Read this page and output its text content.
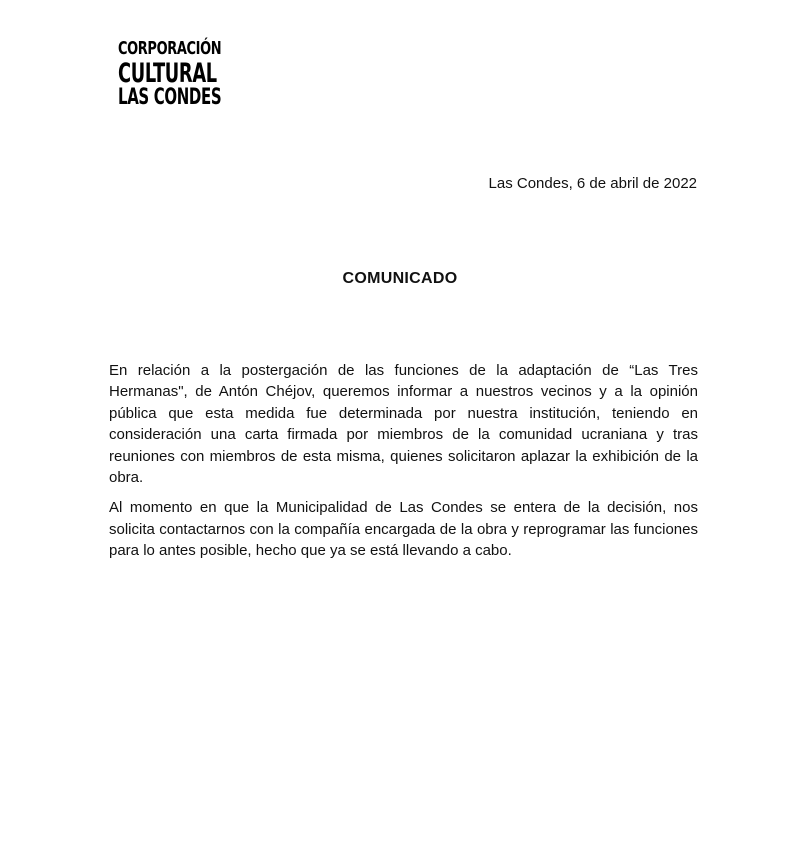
CORPORACIÓN
CULTURAL
LAS CONDES
Las Condes, 6 de abril de 2022
COMUNICADO

En relación a la postergación de las funciones de la adaptación de “Las Tres Hermanas", de Antón Chéjov, queremos informar a nuestros vecinos y a la opinión pública que esta medida fue determinada por nuestra institución, teniendo en consideración una carta firmada por miembros de la comunidad ucraniana y tras reuniones con miembros de esta misma, quienes solicitaron aplazar la exhibición de la obra.

Al momento en que la Municipalidad de Las Condes se entera de la decisión, nos solicita contactarnos con la compañía encargada de la obra y reprogramar las funciones para lo antes posible, hecho que ya se está llevando a cabo.
